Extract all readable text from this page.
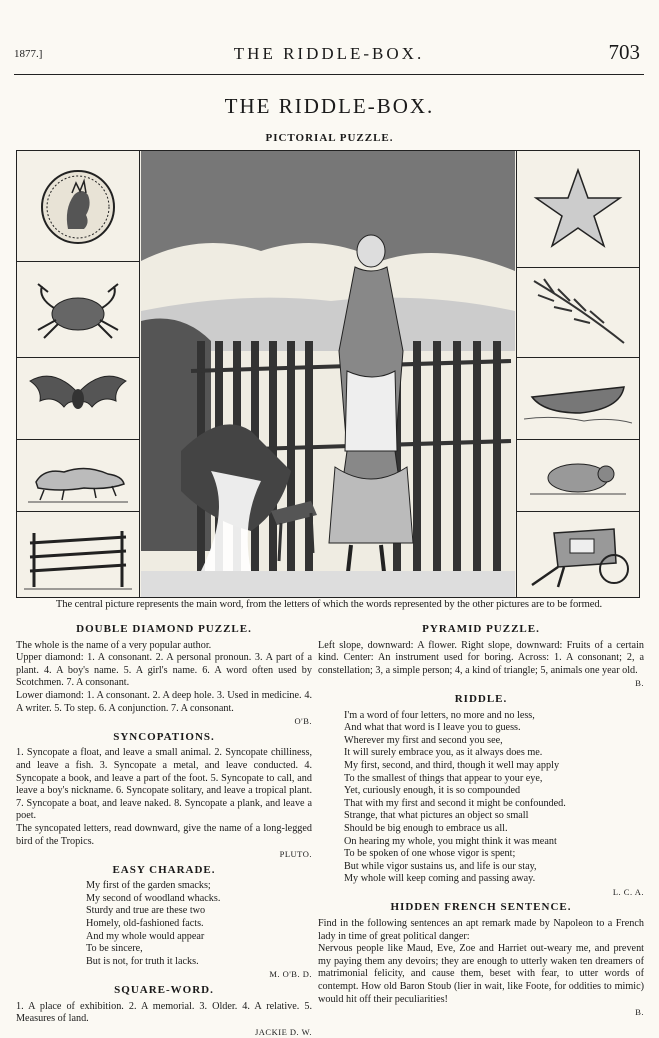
1877.]	THE RIDDLE-BOX.	703
THE RIDDLE-BOX.
PICTORIAL PUZZLE.
The central picture represents the main word, from the letters of which the words represented by the other pictures are to be formed.
DOUBLE DIAMOND PUZZLE.

The whole is the name of a very popular author.

Upper diamond: 1. A consonant. 2. A personal pronoun. 3. A part of a plant. 4. A boy's name. 5. A girl's name. 6. A word often used by Scotchmen. 7. A consonant.

Lower diamond: 1. A consonant. 2. A deep hole. 3. Used in medicine. 4. A writer. 5. To step. 6. A conjunction. 7. A consonant.

O'B.
SYNCOPATIONS.

1. Syncopate a float, and leave a small animal. 2. Syncopate chilliness, and leave a fish. 3. Syncopate a metal, and leave conducted. 4. Syncopate a book, and leave a part of the foot. 5. Syncopate to call, and leave a boy's nickname. 6. Syncopate solitary, and leave a tropical plant. 7. Syncopate a boat, and leave naked. 8. Syncopate a plank, and leave a poet.

The syncopated letters, read downward, give the name of a long-legged bird of the Tropics.

PLUTO.
EASY CHARADE.
My first of the garden smacks;
My second of woodland whacks.
Sturdy and true are these two
Homely, old-fashioned facts.
And my whole would appear
To be sincere,
But is not, for truth it lacks.
M. O'B. D.
SQUARE-WORD.

1. A place of exhibition. 2. A memorial. 3. Older. 4. A relative. 5. Measures of land.

JACKIE D. W.
PYRAMID PUZZLE.

Left slope, downward: A flower. Right slope, downward: Fruits of a certain kind. Center: An instrument used for boring. Across: 1. A consonant; 2, a constellation; 3, a simple person; 4, a kind of triangle; 5, animals one year old.

B.
RIDDLE.
I'm a word of four letters, no more and no less,
And what that word is I leave you to guess.
Wherever my first and second you see,
It will surely embrace you, as it always does me.
My first, second, and third, though it well may apply
To the smallest of things that appear to your eye,
Yet, curiously enough, it is so compounded
That with my first and second it might be confounded.
Strange, that what pictures an object so small
Should be big enough to embrace us all.
On hearing my whole, you might think it was meant
To be spoken of one whose vigor is spent;
But while vigor sustains us, and life is our stay,
My whole will keep coming and passing away.
L. C. A.
HIDDEN FRENCH SENTENCE.

Find in the following sentences an apt remark made by Napoleon to a French lady in time of great political danger:

Nervous people like Maud, Eve, Zoe and Harriet out-weary me, and prevent my paying them any devoirs; they are enough to utterly waken ten dreamers of matrimonial felicity, and cause them, beset with fear, to utter words of contempt. How old Baron Stoub (lier in wait, like Foote, for oddities to mimic) would hit off their peculiarities!

B.
